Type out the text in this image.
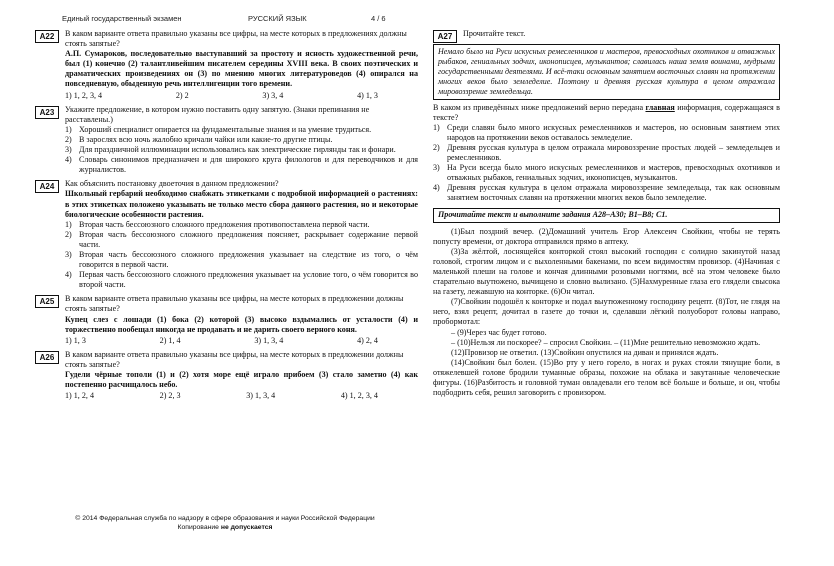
Единый государственный экзамен	РУССКИЙ ЯЗЫК	4 / 6
A22	В каком варианте ответа правильно указаны все цифры, на месте которых в предложениях должны стоять запятые?
А.П. Сумароков, последовательно выступавший за простоту и ясность художественной речи, был (1) конечно (2) талантливейшим писателем середины XVIII века. В своих поэтических и драматических произведениях он (3) по мнению многих литературоведов (4) опирался на повседневную, обыденную речь интеллигенции того времени.
1) 1, 2, 3, 4	2) 2	3) 3, 4	4) 1, 3
A23	Укажите предложение, в котором нужно поставить одну запятую. (Знаки препинания не расставлены.)
1) Хороший специалист опирается на фундаментальные знания и на умение трудиться.
2) В зарослях всю ночь жалобно кричали чайки или какие-то другие птицы.
3) Для праздничной иллюминации использовались как электрические гирлянды так и фонари.
4) Словарь синонимов предназначен и для широкого круга филологов и для переводчиков и для журналистов.
A24	Как объяснить постановку двоеточия в данном предложении?
Школьный гербарий необходимо снабжать этикетками с подробной информацией о растениях: в этих этикетках положено указывать не только место сбора данного растения, но и некоторые биологические особенности растения.
1) Вторая часть бессоюзного сложного предложения противопоставлена первой части.
2) Вторая часть бессоюзного сложного предложения поясняет, раскрывает содержание первой части.
3) Вторая часть бессоюзного сложного предложения указывает на следствие из того, о чём говорится в первой части.
4) Первая часть бессоюзного сложного предложения указывает на условие того, о чём говорится во второй части.
A25	В каком варианте ответа правильно указаны все цифры, на месте которых в предложении должны стоять запятые?
Купец слез с лошади (1) бока (2) которой (3) высоко вздымались от усталости (4) и торжественно пообещал никогда не продавать и не дарить своего верного коня.
1) 1, 3	2) 1, 4	3) 1, 3, 4	4) 2, 4
A26	В каком варианте ответа правильно указаны все цифры, на месте которых в предложении должны стоять запятые?
Гудели чёрные тополи (1) и (2) хотя море ещё играло прибоем (3) стало заметно (4) как постепенно расчищалось небо.
1) 1, 2, 4	2) 2, 3	3) 1, 3, 4	4) 1, 2, 3, 4
© 2014 Федеральная служба по надзору в сфере образования и науки Российской Федерации
Копирование не допускается
A27	Прочитайте текст.
Немало было на Руси искусных ремесленников и мастеров, превосходных охотников и отважных рыбаков, гениальных зодчих, иконописцев, музыкантов; славилась наша земля воинами, мудрыми государственными деятелями. И всё-таки основным занятием восточных славян на протяжении многих веков было земледелие. Поэтому и древняя русская культура в целом отражала мировоззрение земледельца.
В каком из приведённых ниже предложений верно передана главная информация, содержащаяся в тексте?
1) Среди славян было много искусных ремесленников и мастеров, но основным занятием этих народов на протяжении веков оставалось земледелие.
2) Древняя русская культура в целом отражала мировоззрение простых людей – земледельцев и ремесленников.
3) На Руси всегда было много искусных ремесленников и мастеров, превосходных охотников и отважных рыбаков, гениальных зодчих, иконописцев, музыкантов.
4) Древняя русская культура в целом отражала мировоззрение земледельца, так как основным занятием восточных славян на протяжении многих веков было земледелие.
Прочитайте текст и выполните задания А28–А30; В1–В8; С1.

(1)Был поздний вечер. (2)Домашний учитель Егор Алексеич Свойкин, чтобы не терять попусту времени, от доктора отправился прямо в аптеку.

(3)За жёлтой, лоснящейся конторкой стоял высокий господин с солидно закинутой назад головой, строгим лицом и с выхоленными бакенами, по всем видимостям провизор. (4)Начиная с маленькой плеши на голове и кончая длинными розовыми ногтями, всё на этом человеке было старательно выутюжено, вычищено и словно вылизано. (5)Нахмуренные глаза его глядели свысока на газету, лежавшую на конторке. (6)Он читал.

(7)Свойкин подошёл к конторке и подал выутюженному господину рецепт. (8)Тот, не глядя на него, взял рецепт, дочитал в газете до точки и, сделавши лёгкий полуоборот головы направо, пробормотал:

– (9)Через час будет готово.

– (10)Нельзя ли поскорее? – спросил Свойкин. – (11)Мне решительно невозможно ждать.

(12)Провизор не ответил. (13)Свойкин опустился на диван и принялся ждать.

(14)Свойкин был болен. (15)Во рту у него горело, в ногах и руках стояли тянущие боли, в отяжелевшей голове бродили туманные образы, похожие на облака и закутанные человеческие фигуры. (16)Разбитость и головной туман овладевали его телом всё больше и больше, и он, чтобы подбодрить себя, решил заговорить с провизором.
